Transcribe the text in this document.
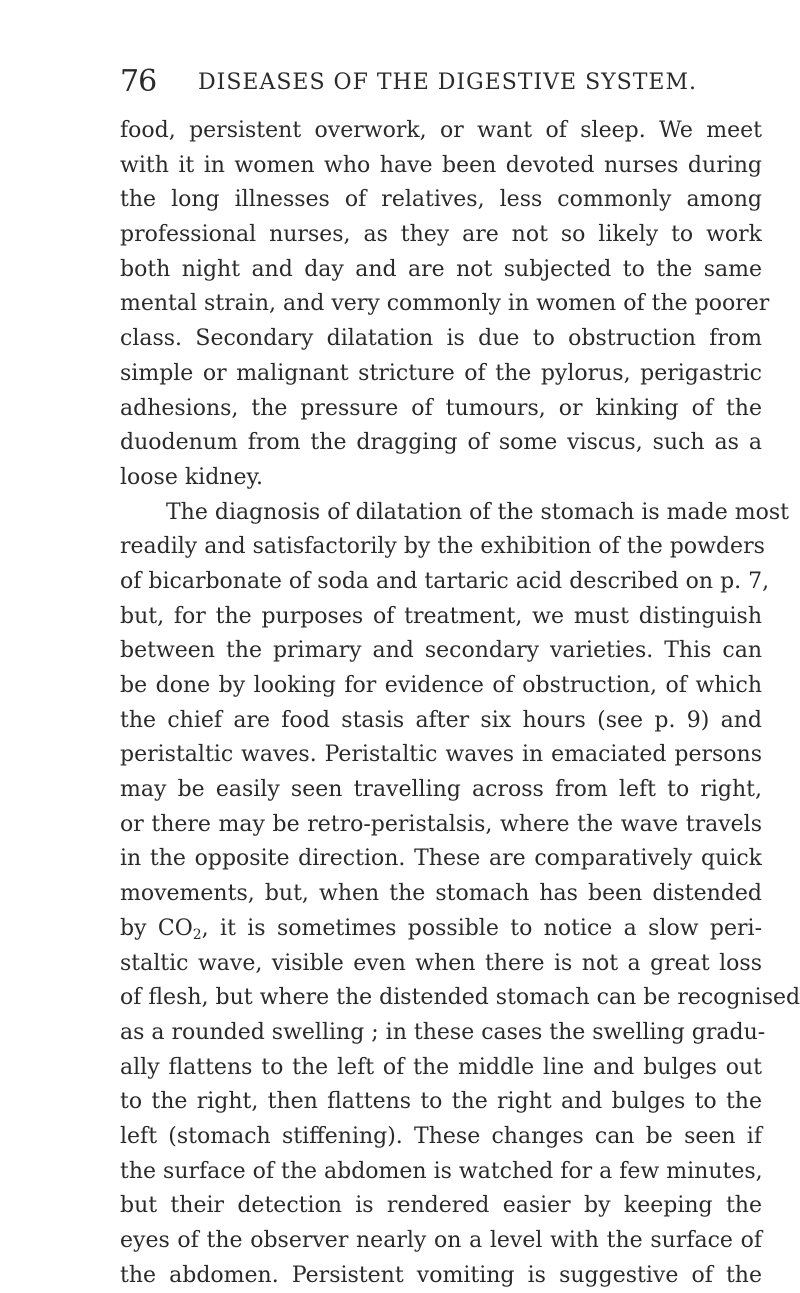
76 DISEASES OF THE DIGESTIVE SYSTEM.
food, persistent overwork, or want of sleep. We meet
with it in women who have been devoted nurses during
the long illnesses of relatives, less commonly among
professional nurses, as they are not so likely to work
both night and day and are not subjected to the same
mental strain, and very commonly in women of the poorer
class. Secondary dilatation is due to obstruction from
simple or malignant stricture of the pylorus, perigastric
adhesions, the pressure of tumours, or kinking of the
duodenum from the dragging of some viscus, such as a
loose kidney.
The diagnosis of dilatation of the stomach is made most
readily and satisfactorily by the exhibition of the powders
of bicarbonate of soda and tartaric acid described on p. 7,
but, for the purposes of treatment, we must distinguish
between the primary and secondary varieties. This can
be done by looking for evidence of obstruction, of which
the chief are food stasis after six hours (see p. 9) and
peristaltic waves. Peristaltic waves in emaciated persons
may be easily seen travelling across from left to right,
or there may be retro-peristalsis, where the wave travels
in the opposite direction. These are comparatively quick
movements, but, when the stomach has been distended
by $CO_2$, it is sometimes possible to notice a slow peri-
staltic wave, visible even when there is not a great loss
of flesh, but where the distended stomach can be recognised
as a rounded swelling ; in these cases the swelling gradu-
ally flattens to the left of the middle line and bulges out
to the right, then flattens to the right and bulges to the
left (stomach stiffening). These changes can be seen if
the surface of the abdomen is watched for a few minutes,
but their detection is rendered easier by keeping the
eyes of the observer nearly on a level with the surface of
the abdomen. Persistent vomiting is suggestive of the
